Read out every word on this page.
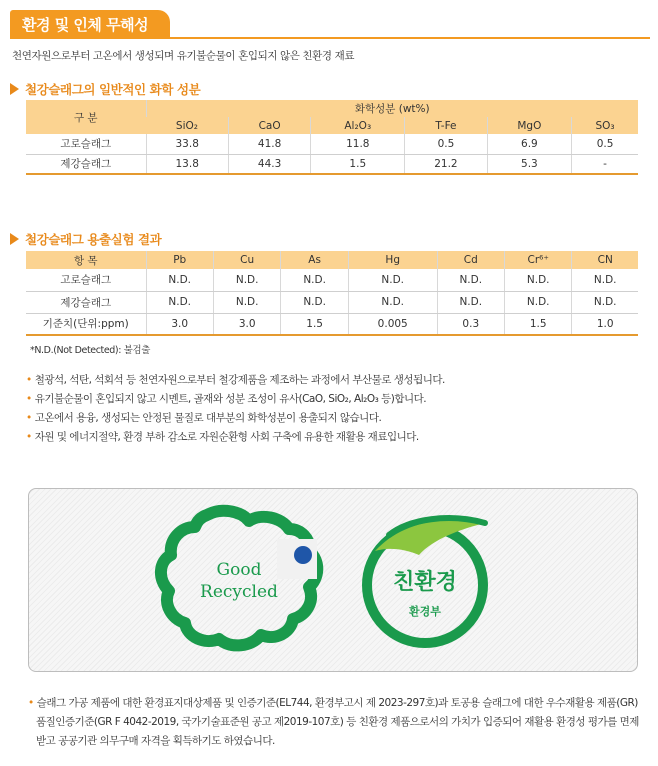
환경 및 인체 무해성
천연자원으로부터 고온에서 생성되며 유기불순물이 혼입되지 않은 친환경 재료
철강슬래그의 일반적인 화학 성분
구 분	화학성분 (wt%)					
	SiO₂	CaO	Al₂O₃	T-Fe	MgO	SO₃
고로슬래그	33.8	41.8	11.8	0.5	6.9	0.5
제강슬래그	13.8	44.3	1.5	21.2	5.3	-
철강슬래그 용출실험 결과
항 목	Pb	Cu	As	Hg	Cd	Cr⁶⁺	CN
고로슬래그	N.D.	N.D.	N.D.	N.D.	N.D.	N.D.	N.D.
제강슬래그	N.D.	N.D.	N.D.	N.D.	N.D.	N.D.	N.D.
기준치(단위:ppm)	3.0	3.0	1.5	0.005	0.3	1.5	1.0
*N.D.(Not Detected): 불검출
• 철광석, 석탄, 석회석 등 천연자원으로부터 철강제품을 제조하는 과정에서 부산물로 생성됩니다.
• 유기불순물이 혼입되지 않고 시멘트, 골재와 성분 조성이 유사(CaO, SiO₂, Al₂O₃ 등)합니다.
• 고온에서 용융, 생성되는 안정된 물질로 대부분의 화학성분이 용출되지 않습니다.
• 자원 및 에너지절약, 환경 부하 감소로 자원순환형 사회 구축에 유용한 재활용 재료입니다.
Good
Recycled	친환경
환경부
• 슬래그 가공 제품에 대한 환경표지대상제품 및 인증기준(EL744, 환경부고시 제 2023-297호)과 토공용 슬래그에 대한 우수재활용 제품(GR) 품질인증기준(GR F 4042-2019, 국가기술표준원 공고 제2019-107호) 등 친환경 제품으로서의 가치가 입증되어 재활용 환경성 평가를 면제받고 공공기관 의무구매 자격을 획득하기도 하였습니다.
